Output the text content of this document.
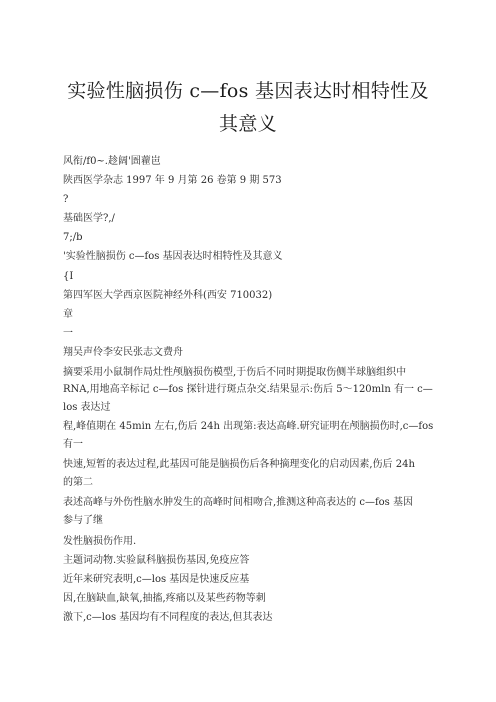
实验性脑损伤 c—fos 基因表达时相特性及
其意义
风衔/f0~.趁阔'圄藋岜
陕西医学杂志 1997 年 9 月第 26 卷第 9 期 573
?
基础医学?,/
7;/b
'实验性脑损伤 c—fos 基因表达时相特性及其意义
{I
第四军医大学西京医院神经外科(西安 710032)
章
一
翔吴声伶李安民张志文费舟
摘要采用小鼠制作局灶性颅脑损伤模型,于伤后不同时期提取伤侧半球脑组织中
RNA,用地高辛标记 c—fos 探针进行斑点杂交.结果显示:伤后 5～120mln 有一 c—
los 表达过
程,峰值期在 45min 左右,伤后 24h 出现第:表达高峰.研究证明在颅脑损伤时,c—fos
有一
快速,短暂的表达过程,此基因可能是脑损伤后各种摘理变化的启动因素,伤后 24h
的第二
表述高峰与外伤性脑水肿发生的高峰时间相吻合,推测这种高表达的 c—fos 基因
参与了继
发性脑损伤作用.
主题词动物.实验鼠科脑损伤基因,免疫应答
近年来研究表明,c—los 基因是快速反应基
因,在脑缺血,缺氧,抽搐,疼痛以及某些药物等刺
激下,c—los 基因均有不同程度的表达,但其表达
